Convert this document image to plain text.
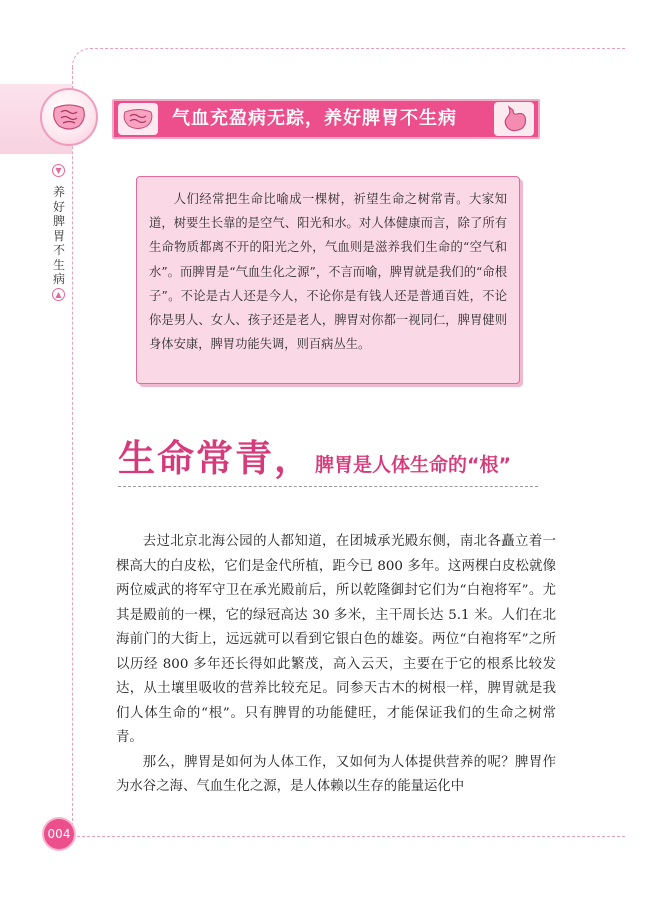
气血充盈病无踪，养好脾胃不生病
▼
养好脾胃不生病
▲

人们经常把生命比喻成一棵树，祈望生命之树常青。大家知道，树要生长靠的是空气、阳光和水。对人体健康而言，除了所有生命物质都离不开的阳光之外，气血则是滋养我们生命的“空气和水”。而脾胃是“气血生化之源”，不言而喻，脾胃就是我们的“命根子”。不论是古人还是今人，不论你是有钱人还是普通百姓，不论你是男人、女人、孩子还是老人，脾胃对你都一视同仁，脾胃健则身体安康，脾胃功能失调，则百病丛生。

生命常青， 脾胃是人体生命的“根”

去过北京北海公园的人都知道，在团城承光殿东侧，南北各矗立着一棵高大的白皮松，它们是金代所植，距今已 800 多年。这两棵白皮松就像两位威武的将军守卫在承光殿前后，所以乾隆御封它们为“白袍将军”。尤其是殿前的一棵，它的绿冠高达 30 多米，主干周长达 5.1 米。人们在北海前门的大街上，远远就可以看到它银白色的雄姿。两位“白袍将军”之所以历经 800 多年还长得如此繁茂，高入云天，主要在于它的根系比较发达，从土壤里吸收的营养比较充足。同参天古木的树根一样，脾胃就是我们人体生命的“根”。只有脾胃的功能健旺，才能保证我们的生命之树常青。

那么，脾胃是如何为人体工作，又如何为人体提供营养的呢？脾胃作为水谷之海、气血生化之源，是人体赖以生存的能量运化中

004
